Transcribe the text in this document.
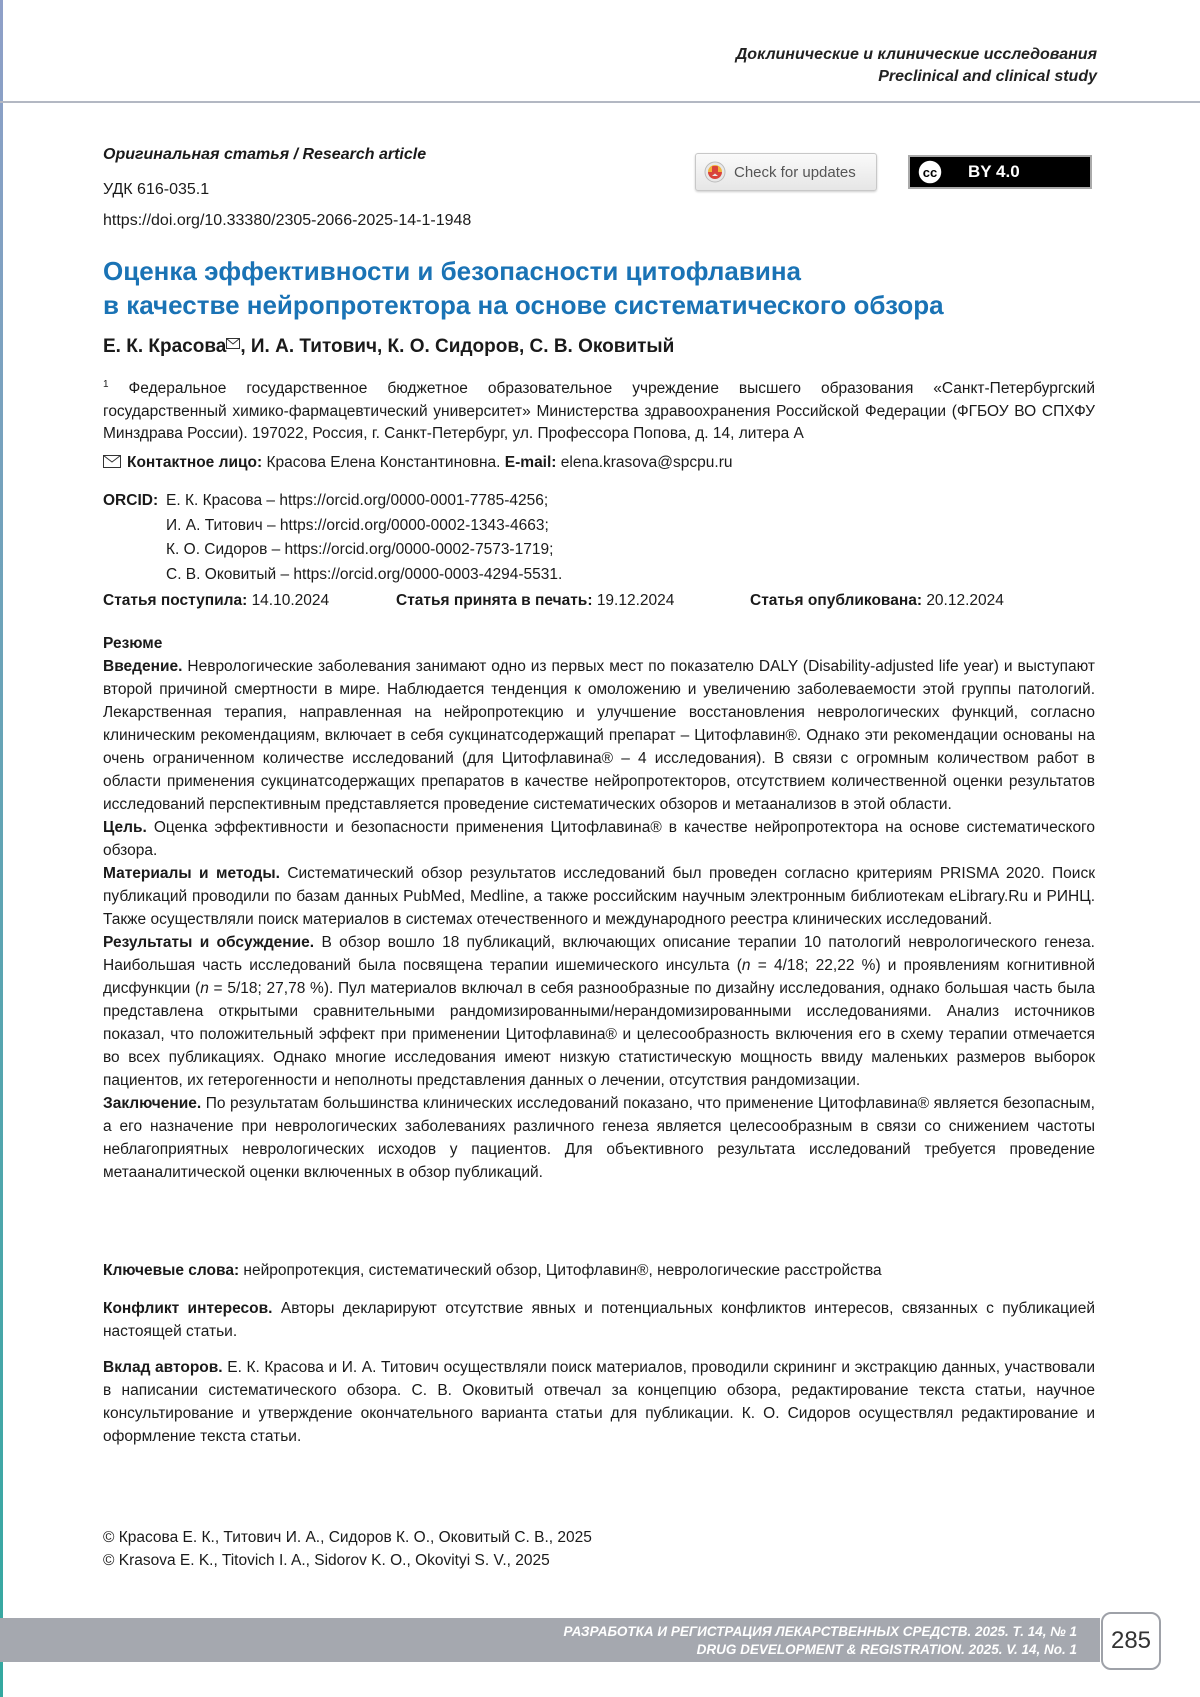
Доклинические и клинические исследования
Preclinical and clinical study
Оригинальная статья / Research article
УДК 616-035.1
https://doi.org/10.33380/2305-2066-2025-14-1-1948
Check for updates	cc BY 4.0
Оценка эффективности и безопасности цитофлавина
в качестве нейропротектора на основе систематического обзора
Е. К. Красова , И. А. Титович, К. О. Сидоров, С. В. Оковитый

1 Федеральное государственное бюджетное образовательное учреждение высшего образования «Санкт-Петербургский государственный химико-фармацевтический университет» Министерства здравоохранения Российской Федерации (ФГБОУ ВО СПХФУ Минздрава России). 197022, Россия, г. Санкт-Петербург, ул. Профессора Попова, д. 14, литера А

Контактное лицо: Красова Елена Константиновна. E-mail: elena.krasova@spcpu.ru
ORCID: Е. К. Красова – https://orcid.org/0000-0001-7785-4256;
И. А. Титович – https://orcid.org/0000-0002-1343-4663;
К. О. Сидоров – https://orcid.org/0000-0002-7573-1719;
С. В. Оковитый – https://orcid.org/0000-0003-4294-5531.
Статья поступила: 14.10.2024	Статья принята в печать: 19.12.2024	Статья опубликована: 20.12.2024

Резюме

Введение. Неврологические заболевания занимают одно из первых мест по показателю DALY (Disability-adjusted life year) и выступают второй причиной смертности в мире. Наблюдается тенденция к омоложению и увеличению заболеваемости этой группы патологий. Лекарственная терапия, направленная на нейропротекцию и улучшение восстановления неврологических функций, согласно клиническим рекомендациям, включает в себя сукцинатсодержащий препарат – Цитофлавин®. Однако эти рекомендации основаны на очень ограниченном количестве исследований (для Цитофлавина® – 4 исследования). В связи с огромным количеством работ в области применения сукцинатсодержащих препаратов в качестве нейропротекторов, отсутствием количественной оценки результатов исследований перспективным представляется проведение систематических обзоров и метаанализов в этой области.

Цель. Оценка эффективности и безопасности применения Цитофлавина® в качестве нейропротектора на основе систематического обзора.

Материалы и методы. Систематический обзор результатов исследований был проведен согласно критериям PRISMA 2020. Поиск публикаций проводили по базам данных PubMed, Medline, а также российским научным электронным библиотекам eLibrary.Ru и РИНЦ. Также осуществляли поиск материалов в системах отечественного и международного реестра клинических исследований.

Результаты и обсуждение. В обзор вошло 18 публикаций, включающих описание терапии 10 патологий неврологического генеза. Наибольшая часть исследований была посвящена терапии ишемического инсульта (n = 4/18; 22,22 %) и проявлениям когнитивной дисфункции (n = 5/18; 27,78 %). Пул материалов включал в себя разнообразные по дизайну исследования, однако большая часть была представлена открытыми сравнительными рандомизированными/нерандомизированными исследованиями. Анализ источников показал, что положительный эффект при применении Цитофлавина® и целесообразность включения его в схему терапии отмечается во всех публикациях. Однако многие исследования имеют низкую статистическую мощность ввиду маленьких размеров выборок пациентов, их гетерогенности и неполноты представления данных о лечении, отсутствия рандомизации.

Заключение. По результатам большинства клинических исследований показано, что применение Цитофлавина® является безопасным, а его назначение при неврологических заболеваниях различного генеза является целесообразным в связи со снижением частоты неблагоприятных неврологических исходов у пациентов. Для объективного результата исследований требуется проведение метааналитической оценки включенных в обзор публикаций.

Ключевые слова: нейропротекция, систематический обзор, Цитофлавин®, неврологические расстройства

Конфликт интересов. Авторы декларируют отсутствие явных и потенциальных конфликтов интересов, связанных с публикацией настоящей статьи.

Вклад авторов. Е. К. Красова и И. А. Титович осуществляли поиск материалов, проводили скрининг и экстракцию данных, участвовали в написании систематического обзора. С. В. Оковитый отвечал за концепцию обзора, редактирование текста статьи, научное консультирование и утверждение окончательного варианта статьи для публикации. К. О. Сидоров осуществлял редактирование и оформление текста статьи.

© Красова Е. К., Титович И. А., Сидоров К. О., Оковитый С. В., 2025
© Krasova E. K., Titovich I. A., Sidorov K. O., Okovityi S. V., 2025
РАЗРАБОТКА И РЕГИСТРАЦИЯ ЛЕКАРСТВЕННЫХ СРЕДСТВ. 2025. Т. 14, № 1
DRUG DEVELOPMENT & REGISTRATION. 2025. V. 14, No. 1	285
